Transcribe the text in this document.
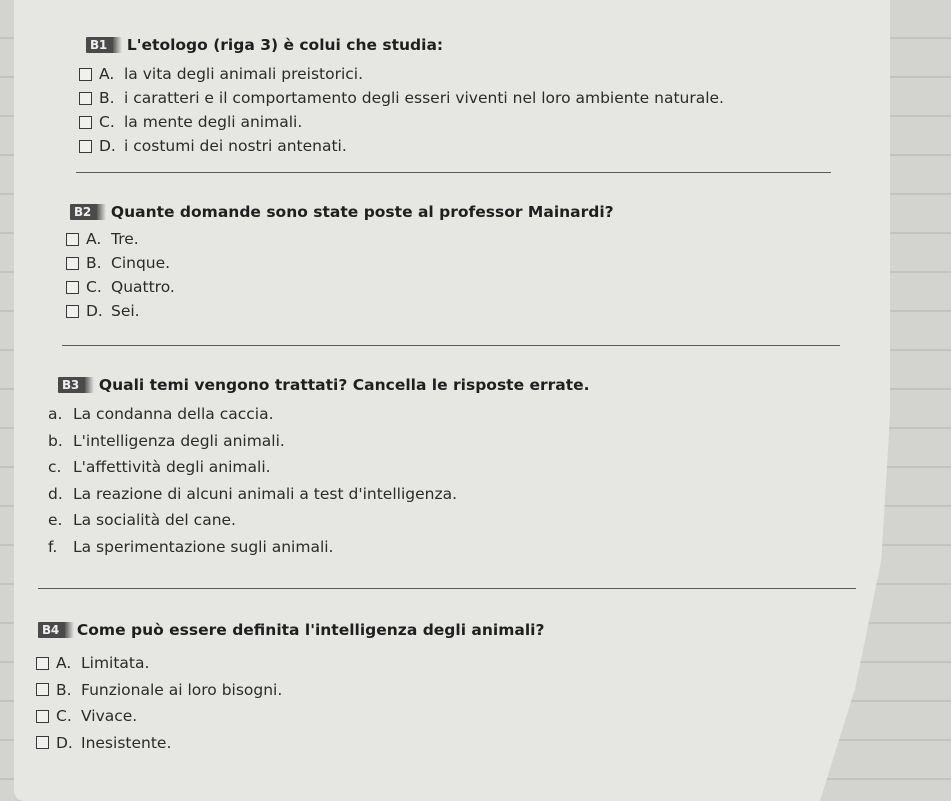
B1	L'etologo (riga 3) è colui che studia:
A. la vita degli animali preistorici.
B. i caratteri e il comportamento degli esseri viventi nel loro ambiente naturale.
C. la mente degli animali.
D. i costumi dei nostri antenati.
B2	Quante domande sono state poste al professor Mainardi?
A. Tre.
B. Cinque.
C. Quattro.
D. Sei.
B3	Quali temi vengono trattati? Cancella le risposte errate.
a. La condanna della caccia.
b. L'intelligenza degli animali.
c. L'affettività degli animali.
d. La reazione di alcuni animali a test d'intelligenza.
e. La socialità del cane.
f.	La sperimentazione sugli animali.
B4	Come può essere definita l'intelligenza degli animali?
A. Limitata.
B. Funzionale ai loro bisogni.
C. Vivace.
D. Inesistente.
